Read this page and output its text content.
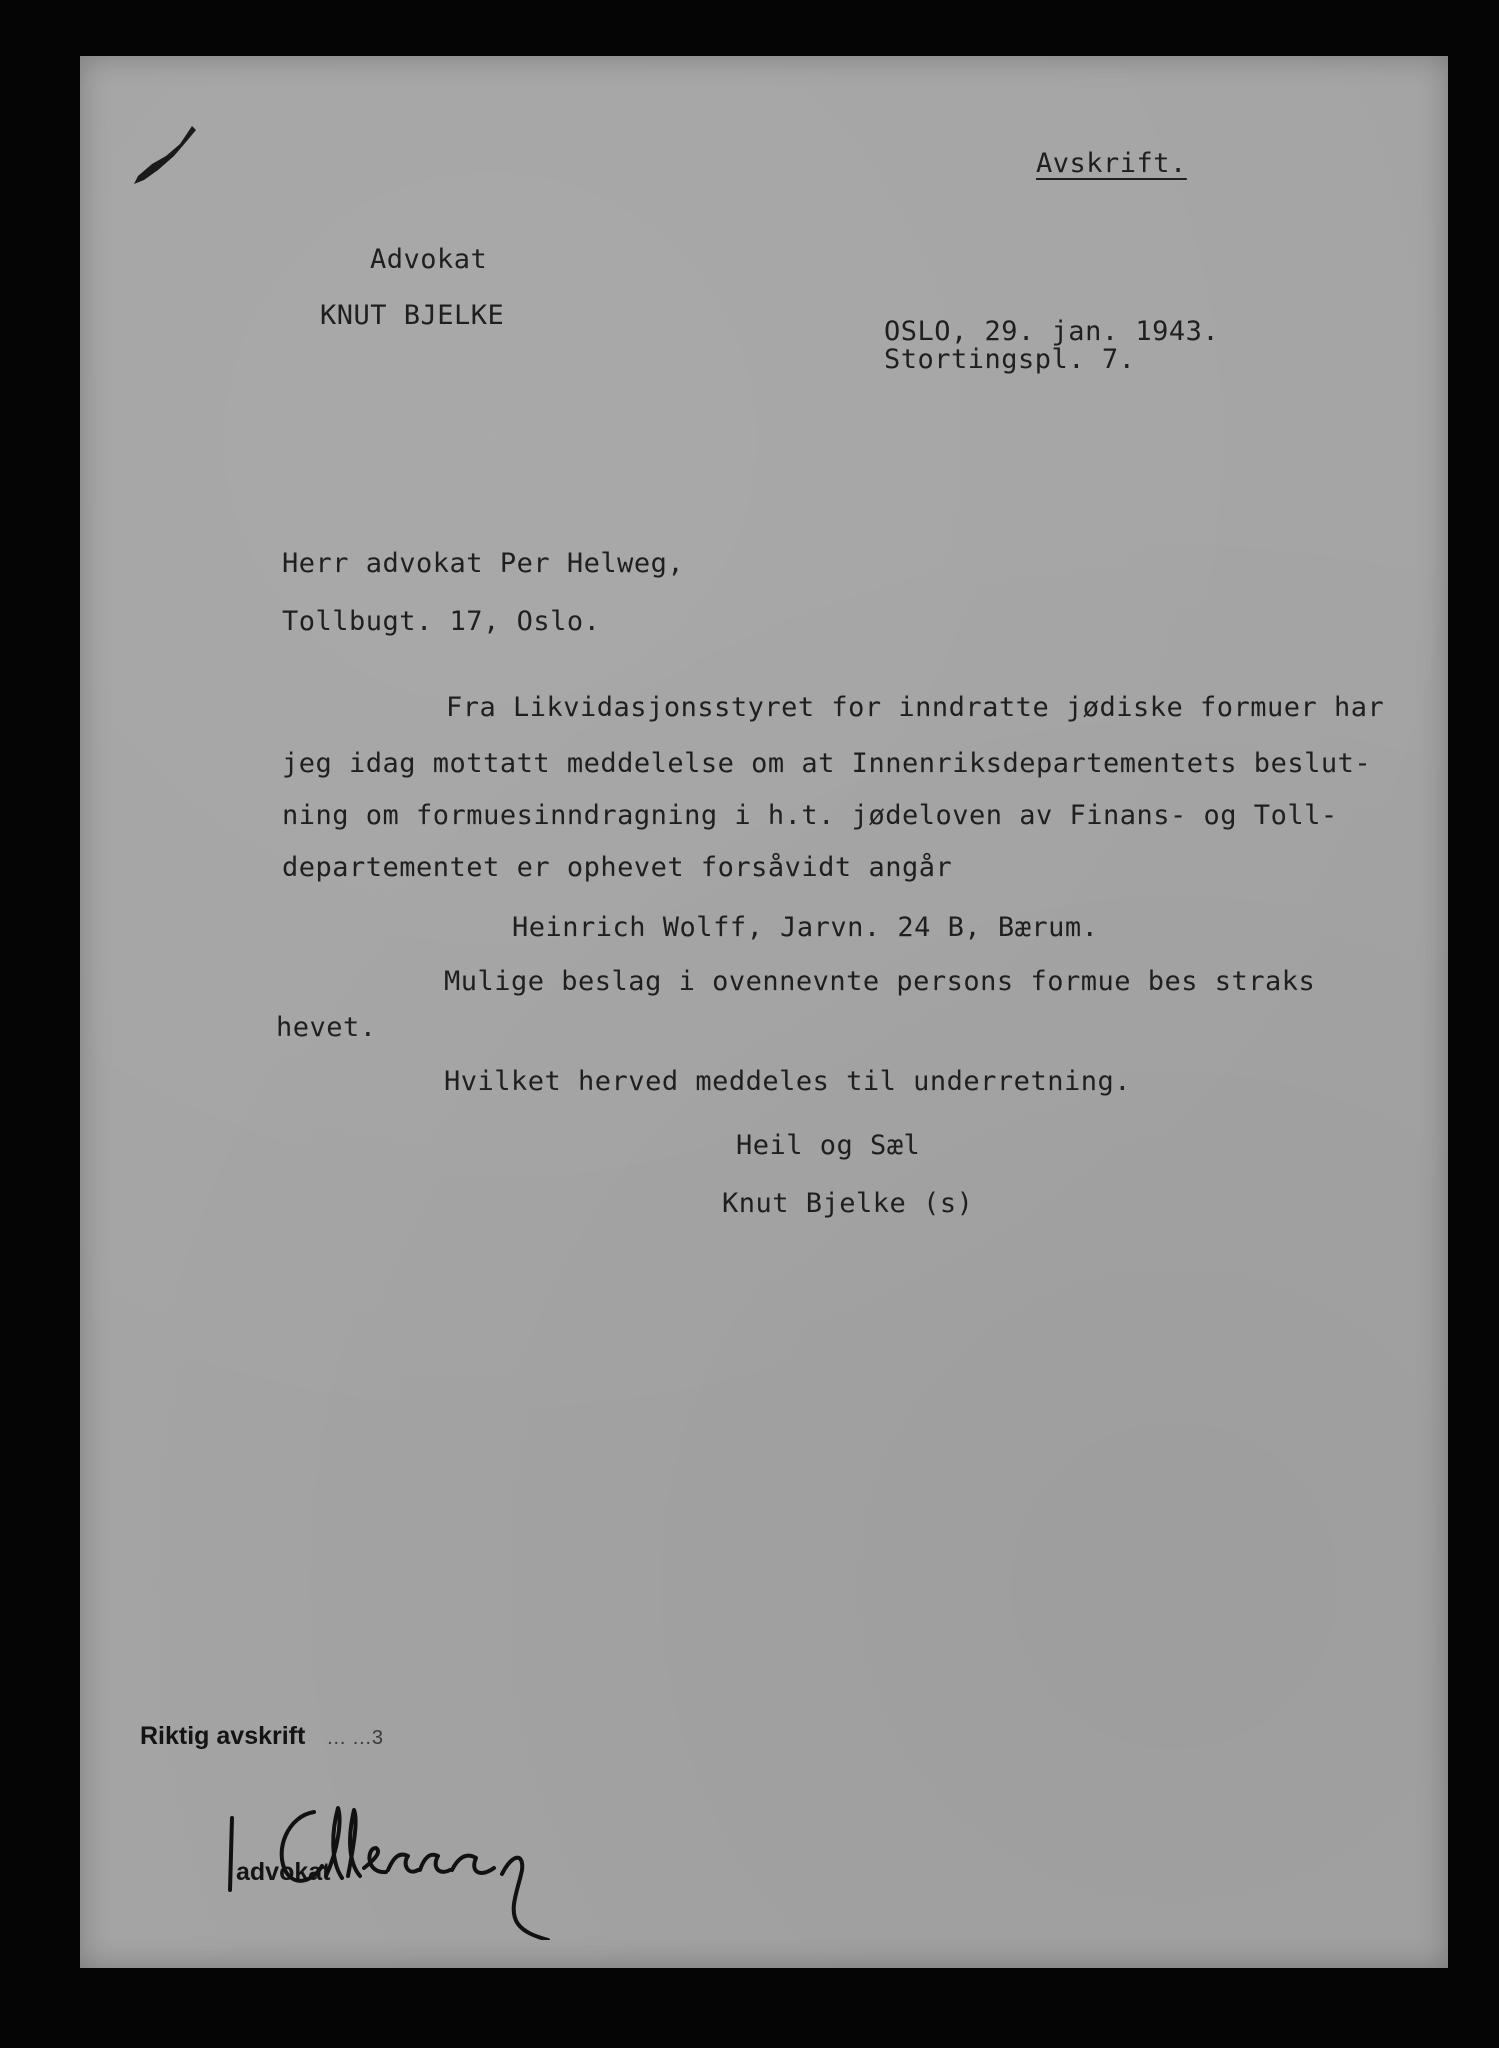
Avskrift.
Advokat
KNUT BJELKE
OSLO, 29. jan. 1943.
Stortingspl. 7.
Herr advokat Per Helweg,
Tollbugt. 17, Oslo.
Fra Likvidasjonsstyret for inndratte jødiske formuer har
jeg idag mottatt meddelelse om at Innenriksdepartementets beslut-
ning om formuesinndragning i h.t. jødeloven av Finans- og Toll-
departementet er ophevet forsåvidt angår
Heinrich Wolff, Jarvn. 24 B, Bærum.
Mulige beslag i ovennevnte persons formue bes straks
hevet.
Hvilket herved meddeles til underretning.
Heil og Sæl
Knut Bjelke (s)
Riktig avskrift … …3
advokat
